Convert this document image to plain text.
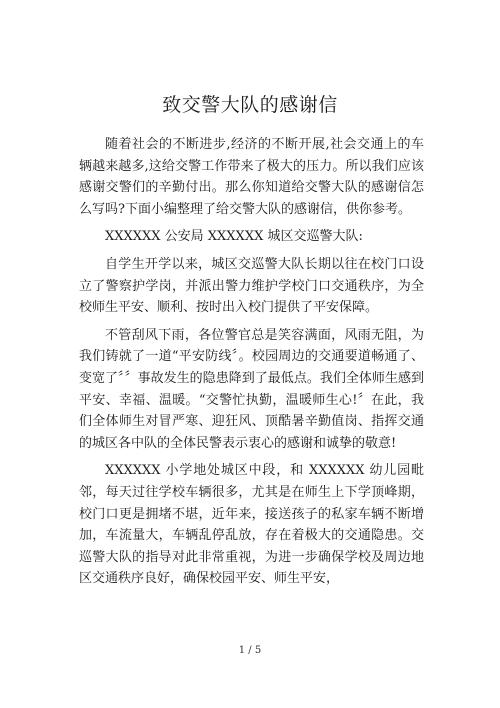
致交警大队的感谢信

随着社会的不断进步,经济的不断开展,社会交通上的车辆越来越多,这给交警工作带来了极大的压力。所以我们应该感谢交警们的辛勤付出。那么你知道给交警大队的感谢信怎么写吗?下面小编整理了给交警大队的感谢信，供你参考。

XXXXXX 公安局 XXXXXX 城区交巡警大队:

自学生开学以来，城区交巡警大队长期以往在校门口设立了警察护学岗，并派出警力维护学校门口交通秩序，为全校师生平安、顺利、按时出入校门提供了平安保障。

不管刮风下雨，各位警官总是笑容满面，风雨无阻，为我们铸就了一道“平安防线〞。校园周边的交通要道畅通了、变宽了〞〞事故发生的隐患降到了最低点。我们全体师生感到平安、幸福、温暖。“交警忙执勤，温暖师生心!〞在此，我们全体师生对冒严寒、迎狂风、顶酷暑辛勤值岗、指挥交通的城区各中队的全体民警表示衷心的感谢和诚挚的敬意!

XXXXXX 小学地处城区中段，和 XXXXXX 幼儿园毗邻，每天过往学校车辆很多，尤其是在师生上下学顶峰期，校门口更是拥堵不堪，近年来，接送孩子的私家车辆不断增加，车流量大，车辆乱停乱放，存在着极大的交通隐患。交巡警大队的指导对此非常重视，为进一步确保学校及周边地区交通秩序良好，确保校园平安、师生平安，

1 / 5
